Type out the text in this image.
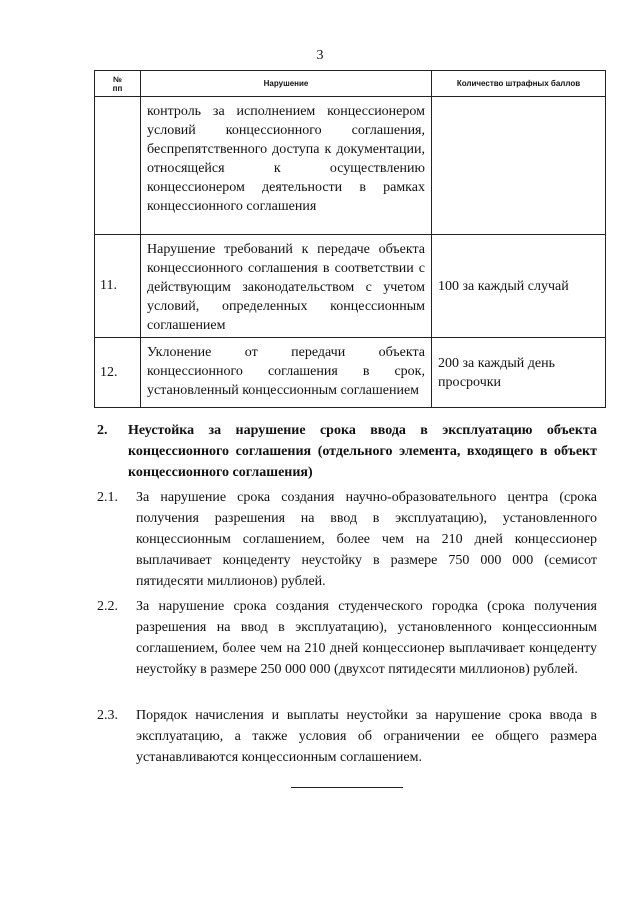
3
№
пп	Нарушение	Количество штрафных баллов
	контроль за исполнением концессионером условий концессионного соглашения, беспрепятственного доступа к документации, относящейся к осуществлению концессионером деятельности в рамках концессионного соглашения	
11.	Нарушение требований к передаче объекта концессионного соглашения в соответствии с действующим законодательством с учетом условий, определенных концессионным соглашением	100 за каждый случай
12.	Уклонение от передачи объекта концессионного соглашения в срок, установленный концессионным соглашением	200 за каждый день просрочки
2. Неустойка за нарушение срока ввода в эксплуатацию объекта концессионного соглашения (отдельного элемента, входящего в объект концессионного соглашения)
2.1. За нарушение срока создания научно-образовательного центра (срока получения разрешения на ввод в эксплуатацию), установленного концессионным соглашением, более чем на 210 дней концессионер выплачивает концеденту неустойку в размере 750 000 000 (семисот пятидесяти миллионов) рублей.
2.2. За нарушение срока создания студенческого городка (срока получения разрешения на ввод в эксплуатацию), установленного концессионным соглашением, более чем на 210 дней концессионер выплачивает концеденту неустойку в размере 250 000 000 (двухсот пятидесяти миллионов) рублей.
2.3. Порядок начисления и выплаты неустойки за нарушение срока ввода в эксплуатацию, а также условия об ограничении ее общего размера устанавливаются концессионным соглашением.
